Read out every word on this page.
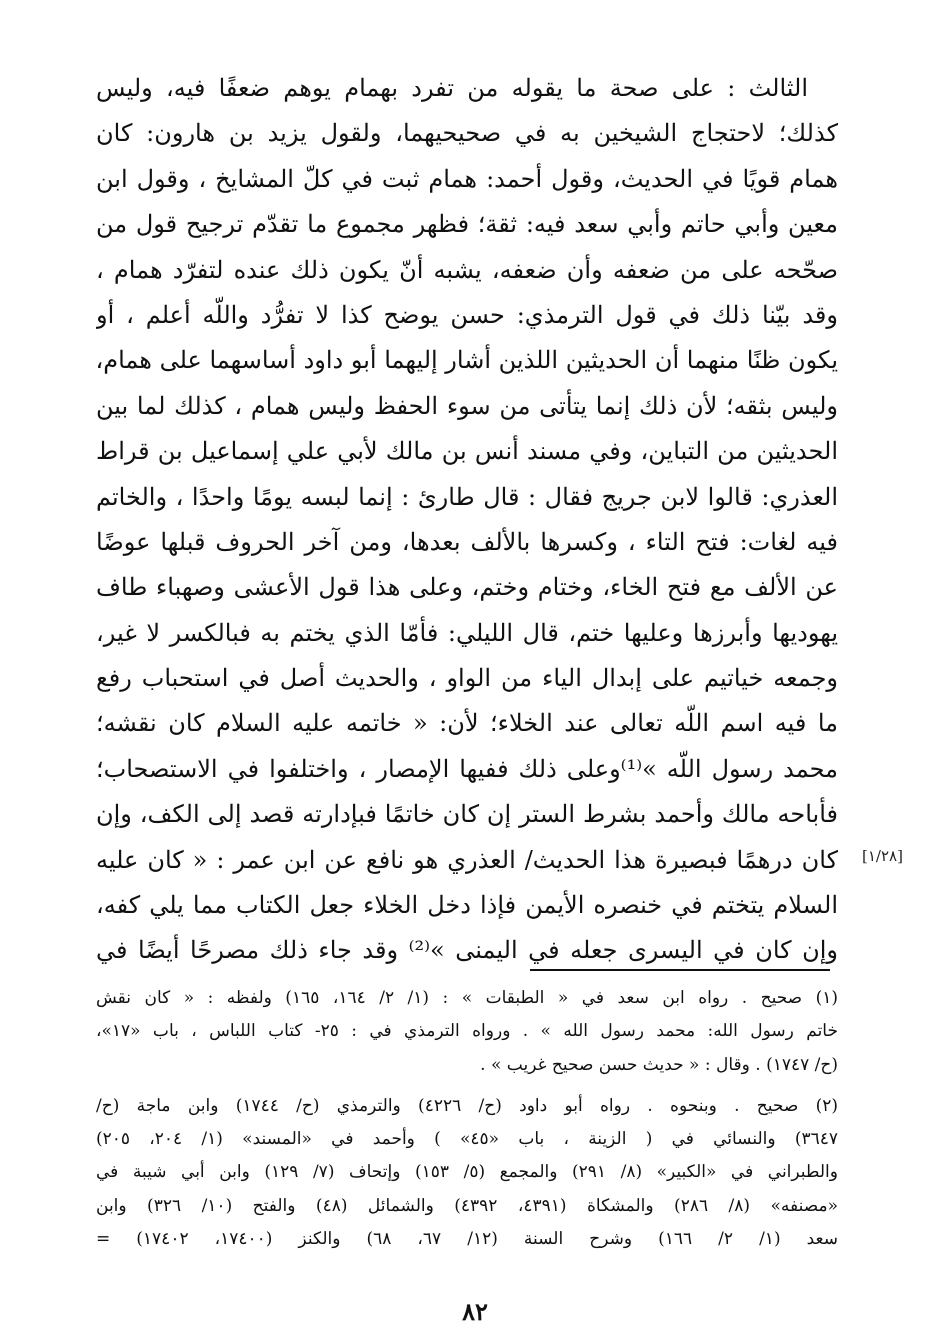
الثالث : على صحة ما يقوله من تفرد بهمام يوهم ضعفًا فيه، وليس
كذلك؛ لاحتجاج الشيخين به في صحيحيهما، ولقول يزيد بن هارون: كان
همام قويًا في الحديث، وقول أحمد: همام ثبت في كلّ المشايخ ، وقول ابن
معين وأبي حاتم وأبي سعد فيه: ثقة؛ فظهر مجموع ما تقدّم ترجيح قول من
صحّحه على من ضعفه وأن ضعفه، يشبه أنّ يكون ذلك عنده لتفرّد همام ،
وقد بيّنا ذلك في قول الترمذي: حسن يوضح كذا لا تفرُّد واللّه أعلم ، أو
يكون ظنًا منهما أن الحديثين اللذين أشار إليهما أبو داود أساسهما على همام،
وليس بثقه؛ لأن ذلك إنما يتأتى من سوء الحفظ وليس همام ، كذلك لما بين
الحديثين من التباين، وفي مسند أنس بن مالك لأبي علي إسماعيل بن قراط
العذري: قالوا لابن جريج فقال : قال طارئ : إنما لبسه يومًا واحدًا ، والخاتم
فيه لغات: فتح التاء ، وكسرها بالألف بعدها، ومن آخر الحروف قبلها عوضًا
عن الألف مع فتح الخاء، وختام وختم، وعلى هذا قول الأعشى وصهباء طاف
يهوديها وأبرزها وعليها ختم، قال الليلي: فأمّا الذي يختم به فبالكسر لا غير،
وجمعه خياتيم على إبدال الياء من الواو ، والحديث أصل في استحباب رفع
ما فيه اسم اللّه تعالى عند الخلاء؛ لأن: « خاتمه عليه السلام كان نقشه؛
محمد رسول اللّه »⁽¹⁾وعلى ذلك ففيها الإمصار ، واختلفوا في الاستصحاب؛
فأباحه مالك وأحمد بشرط الستر إن كان خاتمًا فبإدارته قصد إلى الكف، وإن
كان درهمًا فبصيرة هذا الحديث/ العذري هو نافع عن ابن عمر : « كان عليه
السلام يتختم في خنصره الأيمن فإذا دخل الخلاء جعل الكتاب مما يلي كفه،
وإن كان في اليسرى جعله في اليمنى »⁽²⁾ وقد جاء ذلك مصرحًا أيضًا في
[١/٢٨]
(١) صحيح . رواه ابن سعد في « الطبقات » : (١/ ٢/ ١٦٤، ١٦٥) ولفظه : « كان نقش
خاتم رسول الله: محمد رسول الله » . ورواه الترمذي في : ٢٥- كتاب اللباس ، باب «١٧»،
(ح/ ١٧٤٧) . وقال : « حديث حسن صحيح غريب » .
(٢) صحيح . وبنحوه . رواه أبو داود (ح/ ٤٢٢٦) والترمذي (ح/ ١٧٤٤) وابن ماجة (ح/
٣٦٤٧) والنسائي في ( الزينة ، باب «٤٥» ) وأحمد في «المسند» (١/ ٢٠٤، ٢٠٥)
والطبراني في «الكبير» (٨/ ٢٩١) والمجمع (٥/ ١٥٣) وإتحاف (٧/ ١٢٩) وابن أبي شيبة في
«مصنفه» (٨/ ٢٨٦) والمشكاة (٤٣٩١، ٤٣٩٢) والشمائل (٤٨) والفتح (١٠/ ٣٢٦) وابن
سعد (١/ ٢/ ١٦٦) وشرح السنة (١٢/ ٦٧، ٦٨) والكنز (١٧٤٠٠، ١٧٤٠٢) =
٨٢
